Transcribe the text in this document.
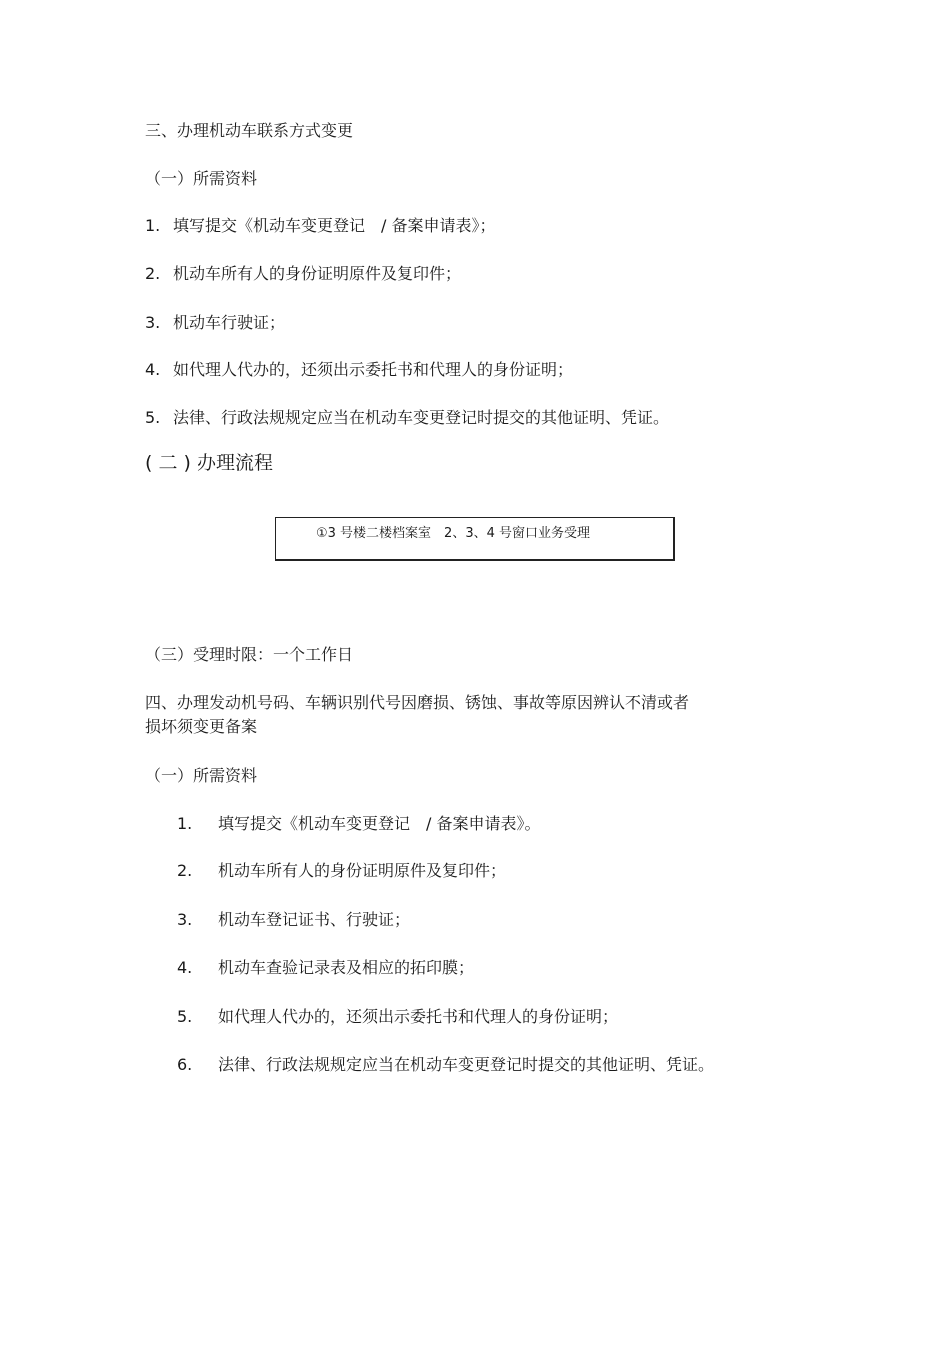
三、办理机动车联系方式变更

（一）所需资料

1. 填写提交《机动车变更登记　/ 备案申请表》；

2. 机动车所有人的身份证明原件及复印件；

3. 机动车行驶证；

4. 如代理人代办的，还须出示委托书和代理人的身份证明；

5. 法律、行政法规规定应当在机动车变更登记时提交的其他证明、凭证。

( 二 ) 办理流程

①3 号楼二楼档案室　2、3、4 号窗口业务受理

（三）受理时限：一个工作日

四、办理发动机号码、车辆识别代号因磨损、锈蚀、事故等原因辨认不清或者

损坏须变更备案

（一）所需资料

1. 填写提交《机动车变更登记　/ 备案申请表》。

2. 机动车所有人的身份证明原件及复印件；

3. 机动车登记证书、行驶证；

4. 机动车查验记录表及相应的拓印膜；

5. 如代理人代办的，还须出示委托书和代理人的身份证明；

6. 法律、行政法规规定应当在机动车变更登记时提交的其他证明、凭证。
